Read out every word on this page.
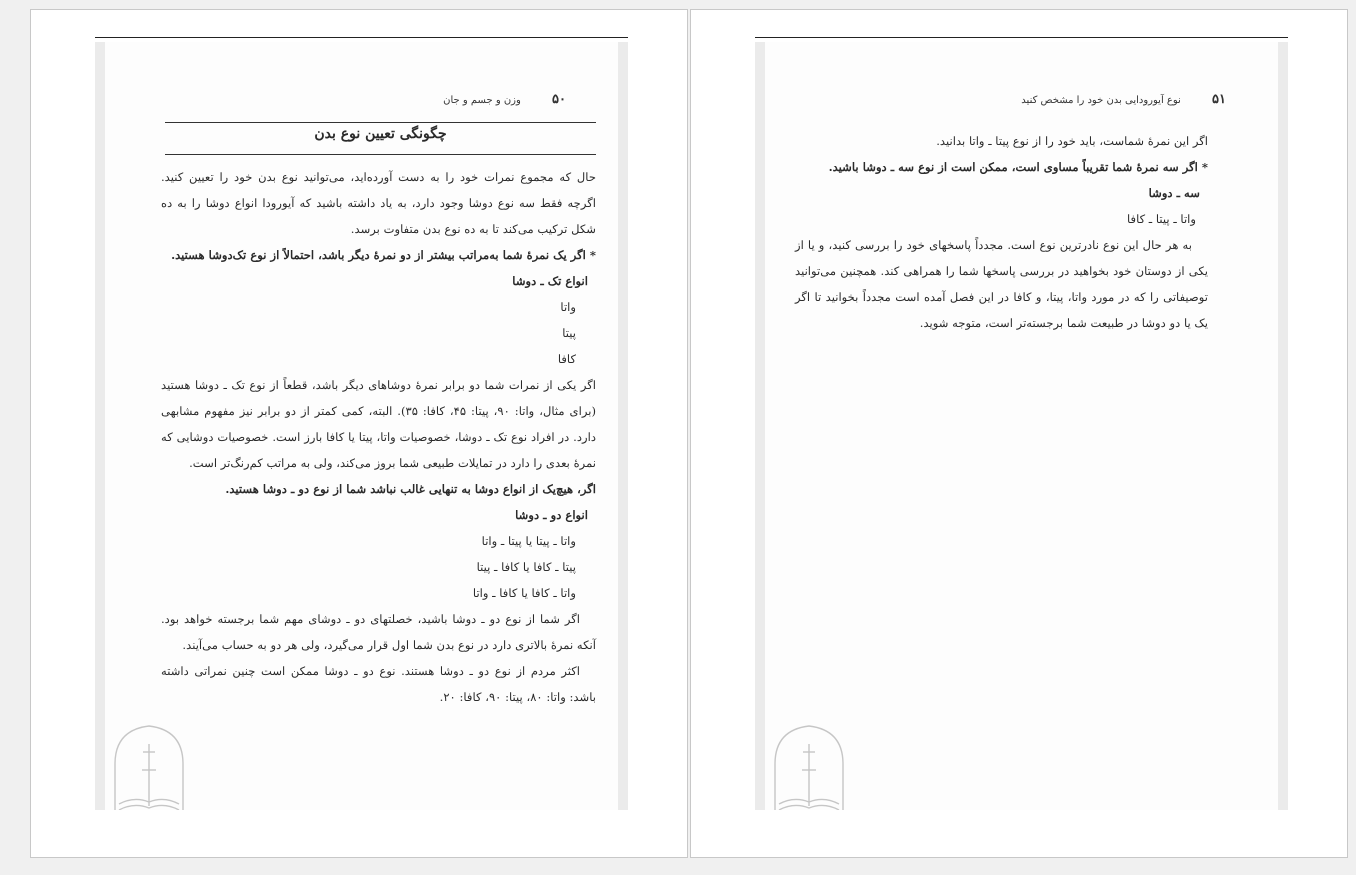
۵۰ وزن و جسم و جان
چگونگی تعیین نوع بدن

حال که مجموع نمرات خود را به دست آورده‌اید، می‌توانید نوع بدن خود را تعیین کنید. اگرچه فقط سه نوع دوشا وجود دارد، به یاد داشته باشید که آیورودا انواع دوشا را به ده شکل ترکیب می‌کند تا به ده نوع بدن متفاوت برسد.

* اگر یک نمرهٔ شما به‌مراتب بیشتر از دو نمرهٔ دیگر باشد، احتمالاً از نوع تک‌دوشا هستید.

انواع تک ـ دوشا

واتا

پیتا

کافا

اگر یکی از نمرات شما دو برابر نمرهٔ دوشاهای دیگر باشد، قطعاً از نوع تک ـ دوشا هستید (برای مثال، واتا: ۹۰، پیتا: ۴۵، کافا: ۳۵). البته، کمی کمتر از دو برابر نیز مفهوم مشابهی دارد. در افراد نوع تک ـ دوشا، خصوصیات واتا، پیتا یا کافا بارز است. خصوصیات دوشایی که نمرهٔ بعدی را دارد در تمایلات طبیعی شما بروز می‌کند، ولی به مراتب کم‌رنگ‌تر است.

اگر، هیچ‌یک از انواع دوشا به تنهایی غالب نباشد شما از نوع دو ـ دوشا هستید.

انواع دو ـ دوشا

واتا ـ پیتا یا پیتا ـ واتا

پیتا ـ کافا یا کافا ـ پیتا

واتا ـ کافا یا کافا ـ واتا

اگر شما از نوع دو ـ دوشا باشید، خصلتهای دو ـ دوشای مهم شما برجسته خواهد بود. آنکه نمرهٔ بالاتری دارد در نوع بدن شما اول قرار می‌گیرد، ولی هر دو به حساب می‌آیند.

اکثر مردم از نوع دو ـ دوشا هستند. نوع دو ـ دوشا ممکن است چنین نمراتی داشته باشد: واتا: ۸۰، پیتا: ۹۰، کافا: ۲۰.

۵۱ نوع آیورودایی بدن خود را مشخص کنید

اگر این نمرهٔ شماست، باید خود را از نوع پیتا ـ واتا بدانید.

* اگر سه نمرهٔ شما تقریباً مساوی است، ممکن است از نوع سه ـ دوشا باشید.

سه ـ دوشا

واتا ـ پیتا ـ کافا

به هر حال این نوع نادرترین نوع است. مجدداً پاسخهای خود را بررسی کنید، و یا از یکی از دوستان خود بخواهید در بررسی پاسخها شما را همراهی کند. همچنین می‌توانید توصیفاتی را که در مورد واتا، پیتا، و کافا در این فصل آمده است مجدداً بخوانید تا اگر یک یا دو دوشا در طبیعت شما برجسته‌تر است، متوجه شوید.
